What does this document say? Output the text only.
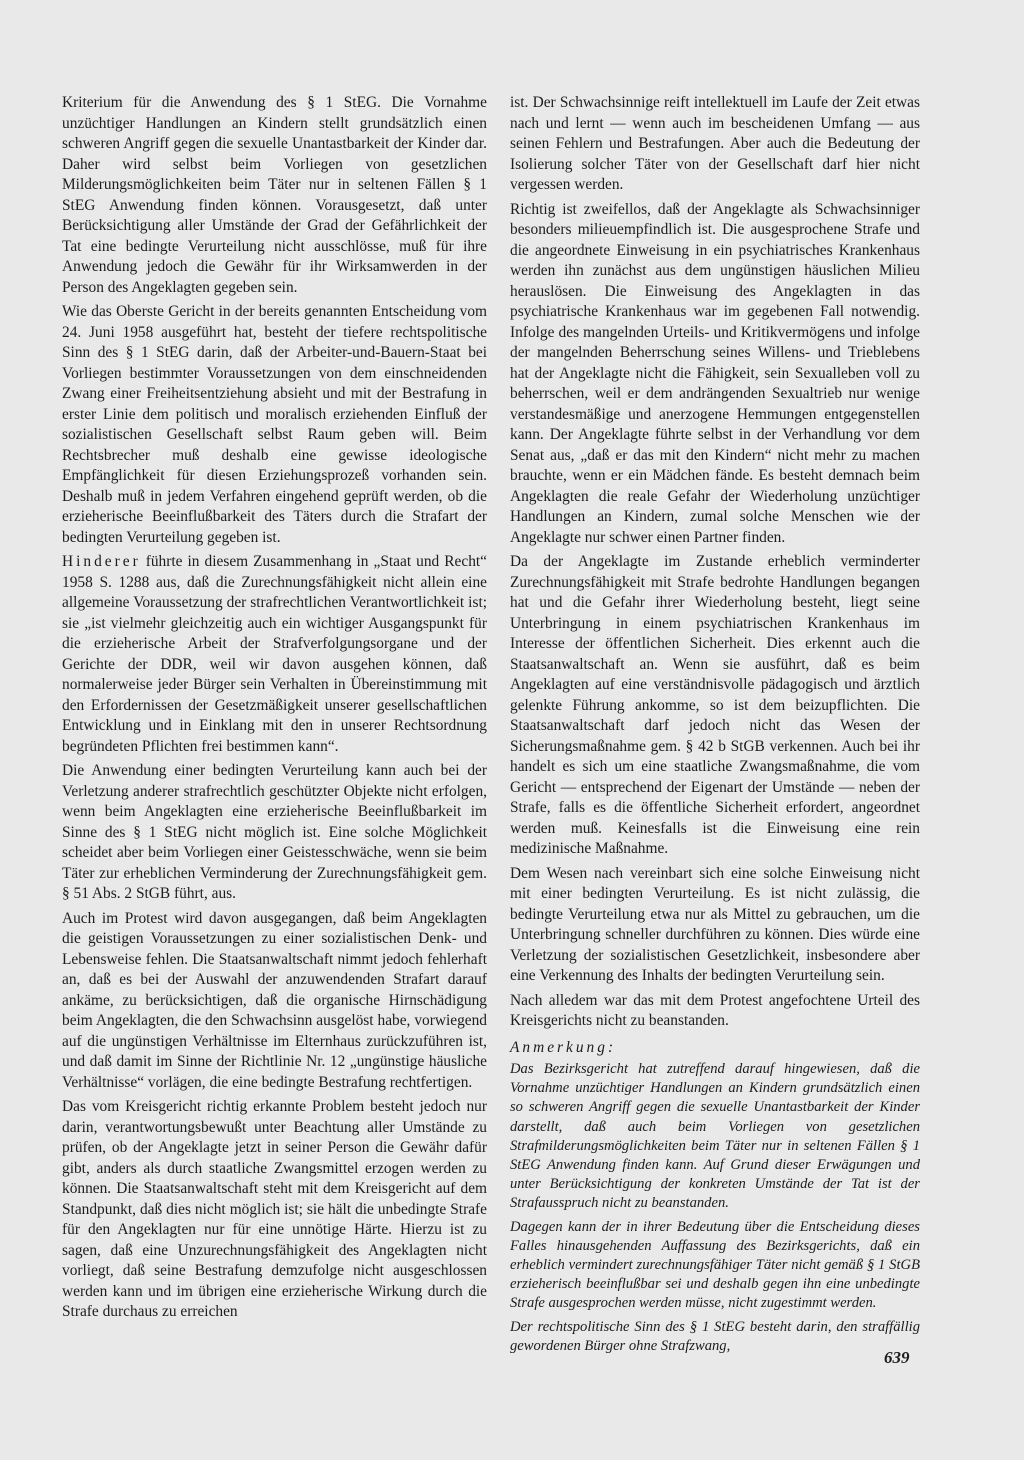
Kriterium für die Anwendung des § 1 StEG. Die Vornahme unzüchtiger Handlungen an Kindern stellt grundsätzlich einen schweren Angriff gegen die sexuelle Unantastbarkeit der Kinder dar. Daher wird selbst beim Vorliegen von gesetzlichen Milderungsmöglichkeiten beim Täter nur in seltenen Fällen § 1 StEG Anwendung finden können. Vorausgesetzt, daß unter Berücksichtigung aller Umstände der Grad der Gefährlichkeit der Tat eine bedingte Verurteilung nicht ausschlösse, muß für ihre Anwendung jedoch die Gewähr für ihr Wirksamwerden in der Person des Angeklagten gegeben sein.

Wie das Oberste Gericht in der bereits genannten Entscheidung vom 24. Juni 1958 ausgeführt hat, besteht der tiefere rechtspolitische Sinn des § 1 StEG darin, daß der Arbeiter-und-Bauern-Staat bei Vorliegen bestimmter Voraussetzungen von dem einschneidenden Zwang einer Freiheitsentziehung absieht und mit der Bestrafung in erster Linie dem politisch und moralisch erziehenden Einfluß der sozialistischen Gesellschaft selbst Raum geben will. Beim Rechtsbrecher muß deshalb eine gewisse ideologische Empfänglichkeit für diesen Erziehungsprozeß vorhanden sein. Deshalb muß in jedem Verfahren eingehend geprüft werden, ob die erzieherische Beeinflußbarkeit des Täters durch die Strafart der bedingten Verurteilung gegeben ist.

Hinderer führte in diesem Zusammenhang in „Staat und Recht“ 1958 S. 1288 aus, daß die Zurechnungsfähigkeit nicht allein eine allgemeine Voraussetzung der strafrechtlichen Verantwortlichkeit ist; sie „ist vielmehr gleichzeitig auch ein wichtiger Ausgangspunkt für die erzieherische Arbeit der Strafverfolgungsorgane und der Gerichte der DDR, weil wir davon ausgehen können, daß normalerweise jeder Bürger sein Verhalten in Übereinstimmung mit den Erfordernissen der Gesetzmäßigkeit unserer gesellschaftlichen Entwicklung und in Einklang mit den in unserer Rechtsordnung begründeten Pflichten frei bestimmen kann“.

Die Anwendung einer bedingten Verurteilung kann auch bei der Verletzung anderer strafrechtlich geschützter Objekte nicht erfolgen, wenn beim Angeklagten eine erzieherische Beeinflußbarkeit im Sinne des § 1 StEG nicht möglich ist. Eine solche Möglichkeit scheidet aber beim Vorliegen einer Geistesschwäche, wenn sie beim Täter zur erheblichen Verminderung der Zurechnungsfähigkeit gem. § 51 Abs. 2 StGB führt, aus.

Auch im Protest wird davon ausgegangen, daß beim Angeklagten die geistigen Voraussetzungen zu einer sozialistischen Denk- und Lebensweise fehlen. Die Staatsanwaltschaft nimmt jedoch fehlerhaft an, daß es bei der Auswahl der anzuwendenden Strafart darauf ankäme, zu berücksichtigen, daß die organische Hirnschädigung beim Angeklagten, die den Schwachsinn ausgelöst habe, vorwiegend auf die ungünstigen Verhältnisse im Elternhaus zurückzuführen ist, und daß damit im Sinne der Richtlinie Nr. 12 „ungünstige häusliche Verhältnisse“ vorlägen, die eine bedingte Bestrafung rechtfertigen.

Das vom Kreisgericht richtig erkannte Problem besteht jedoch nur darin, verantwortungsbewußt unter Beachtung aller Umstände zu prüfen, ob der Angeklagte jetzt in seiner Person die Gewähr dafür gibt, anders als durch staatliche Zwangsmittel erzogen werden zu können. Die Staatsanwaltschaft steht mit dem Kreisgericht auf dem Standpunkt, daß dies nicht möglich ist; sie hält die unbedingte Strafe für den Angeklagten nur für eine unnötige Härte. Hierzu ist zu sagen, daß eine Unzurechnungsfähigkeit des Angeklagten nicht vorliegt, daß seine Bestrafung demzufolge nicht ausgeschlossen werden kann und im übrigen eine erzieherische Wirkung durch die Strafe durchaus zu erreichen

ist. Der Schwachsinnige reift intellektuell im Laufe der Zeit etwas nach und lernt — wenn auch im bescheidenen Umfang — aus seinen Fehlern und Bestrafungen. Aber auch die Bedeutung der Isolierung solcher Täter von der Gesellschaft darf hier nicht vergessen werden.

Richtig ist zweifellos, daß der Angeklagte als Schwachsinniger besonders milieuempfindlich ist. Die ausgesprochene Strafe und die angeordnete Einweisung in ein psychiatrisches Krankenhaus werden ihn zunächst aus dem ungünstigen häuslichen Milieu herauslösen. Die Einweisung des Angeklagten in das psychiatrische Krankenhaus war im gegebenen Fall notwendig. Infolge des mangelnden Urteils- und Kritikvermögens und infolge der mangelnden Beherrschung seines Willens- und Trieblebens hat der Angeklagte nicht die Fähigkeit, sein Sexualleben voll zu beherrschen, weil er dem andrängenden Sexualtrieb nur wenige verstandesmäßige und anerzogene Hemmungen entgegenstellen kann. Der Angeklagte führte selbst in der Verhandlung vor dem Senat aus, „daß er das mit den Kindern“ nicht mehr zu machen brauchte, wenn er ein Mädchen fände. Es besteht demnach beim Angeklagten die reale Gefahr der Wiederholung unzüchtiger Handlungen an Kindern, zumal solche Menschen wie der Angeklagte nur schwer einen Partner finden.

Da der Angeklagte im Zustande erheblich verminderter Zurechnungsfähigkeit mit Strafe bedrohte Handlungen begangen hat und die Gefahr ihrer Wiederholung besteht, liegt seine Unterbringung in einem psychiatrischen Krankenhaus im Interesse der öffentlichen Sicherheit. Dies erkennt auch die Staatsanwaltschaft an. Wenn sie ausführt, daß es beim Angeklagten auf eine verständnisvolle pädagogisch und ärztlich gelenkte Führung ankomme, so ist dem beizupflichten. Die Staatsanwaltschaft darf jedoch nicht das Wesen der Sicherungsmaßnahme gem. § 42 b StGB verkennen. Auch bei ihr handelt es sich um eine staatliche Zwangsmaßnahme, die vom Gericht — entsprechend der Eigenart der Umstände — neben der Strafe, falls es die öffentliche Sicherheit erfordert, angeordnet werden muß. Keinesfalls ist die Einweisung eine rein medizinische Maßnahme.

Dem Wesen nach vereinbart sich eine solche Einweisung nicht mit einer bedingten Verurteilung. Es ist nicht zulässig, die bedingte Verurteilung etwa nur als Mittel zu gebrauchen, um die Unterbringung schneller durchführen zu können. Dies würde eine Verletzung der sozialistischen Gesetzlichkeit, insbesondere aber eine Verkennung des Inhalts der bedingten Verurteilung sein.

Nach alledem war das mit dem Protest angefochtene Urteil des Kreisgerichts nicht zu beanstanden.

Anmerkung:

Das Bezirksgericht hat zutreffend darauf hingewiesen, daß die Vornahme unzüchtiger Handlungen an Kindern grundsätzlich einen so schweren Angriff gegen die sexuelle Unantastbarkeit der Kinder darstellt, daß auch beim Vorliegen von gesetzlichen Strafmilderungsmöglichkeiten beim Täter nur in seltenen Fällen § 1 StEG Anwendung finden kann. Auf Grund dieser Erwägungen und unter Berücksichtigung der konkreten Umstände der Tat ist der Strafausspruch nicht zu beanstanden.

Dagegen kann der in ihrer Bedeutung über die Entscheidung dieses Falles hinausgehenden Auffassung des Bezirksgerichts, daß ein erheblich vermindert zurechnungsfähiger Täter nicht gemäß § 1 StGB erzieherisch beeinflußbar sei und deshalb gegen ihn eine unbedingte Strafe ausgesprochen werden müsse, nicht zugestimmt werden.

Der rechtspolitische Sinn des § 1 StEG besteht darin, den straffällig gewordenen Bürger ohne Strafzwang,

639
